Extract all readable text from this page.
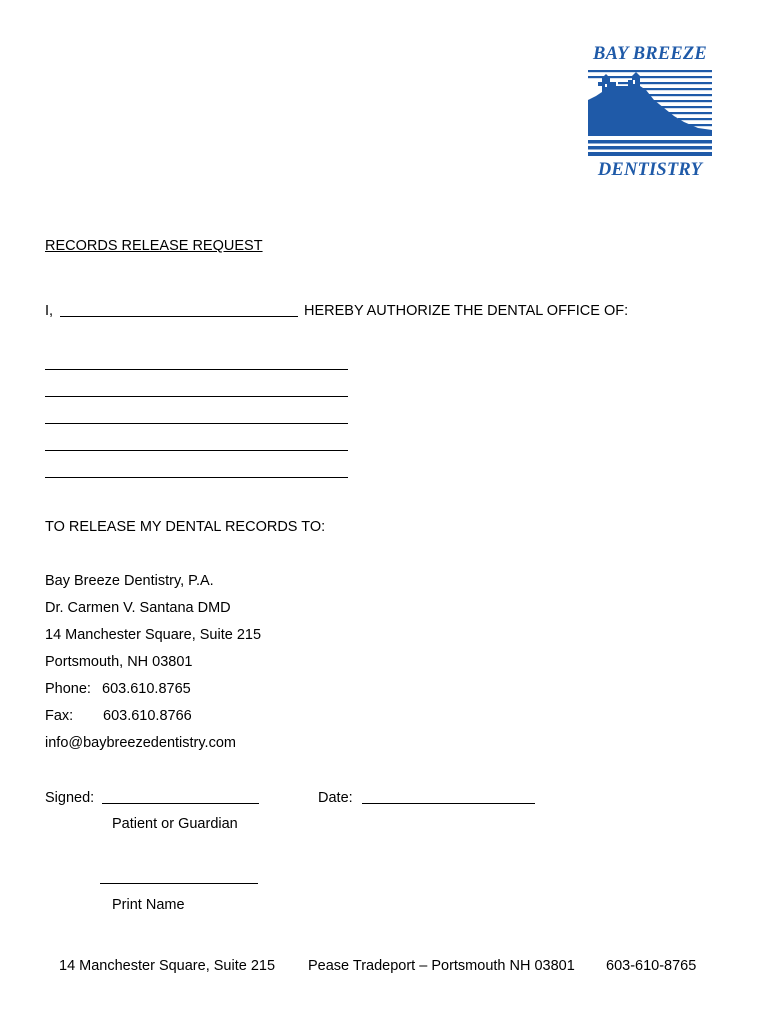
BAY BREEZE
DENTISTRY
RECORDS RELEASE REQUEST
I,	HEREBY AUTHORIZE THE DENTAL OFFICE OF:
TO RELEASE MY DENTAL RECORDS TO:
Bay Breeze Dentistry, P.A.
Dr. Carmen V. Santana DMD
14 Manchester Square, Suite 215
Portsmouth, NH 03801
Phone: 603.610.8765
Fax: 603.610.8766
info@baybreezedentistry.com
Signed:	Date:
Patient or Guardian
Print Name
14 Manchester Square, Suite 215 Pease Tradeport – Portsmouth NH 03801 603-610-8765
